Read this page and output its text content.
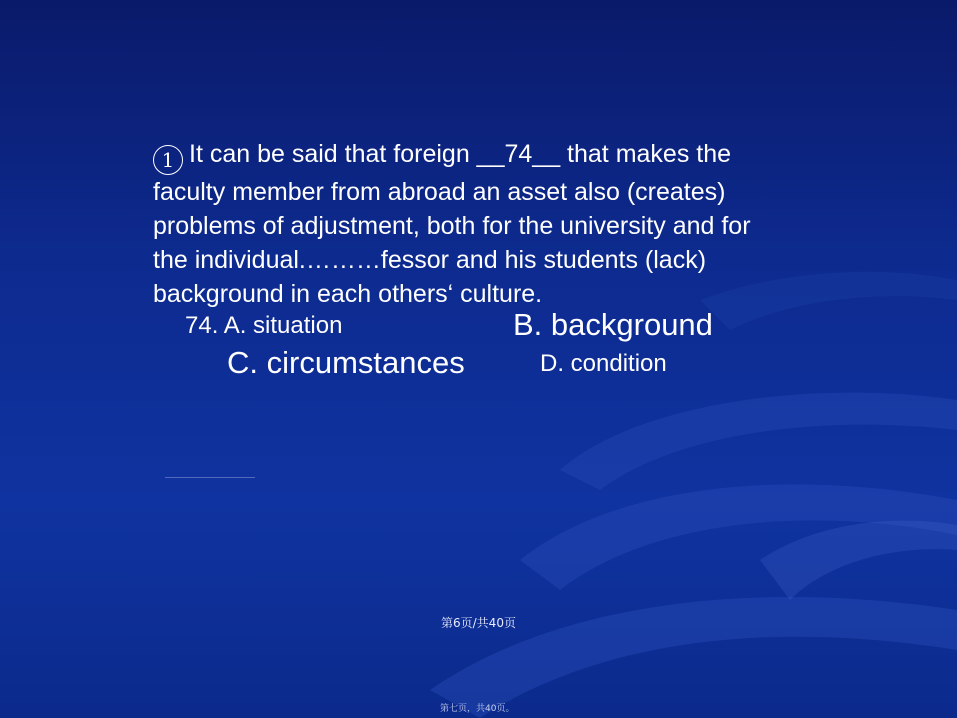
1 It can be said that foreign __74__ that makes the
faculty member from abroad an asset also (creates)
problems of adjustment, both for the university and for
the individual.………fessor and his students (lack)
background in each others‘ culture.

74. A. situation	B. background
C. circumstances	D. condition
第6页/共40页
第七页，共40页。
